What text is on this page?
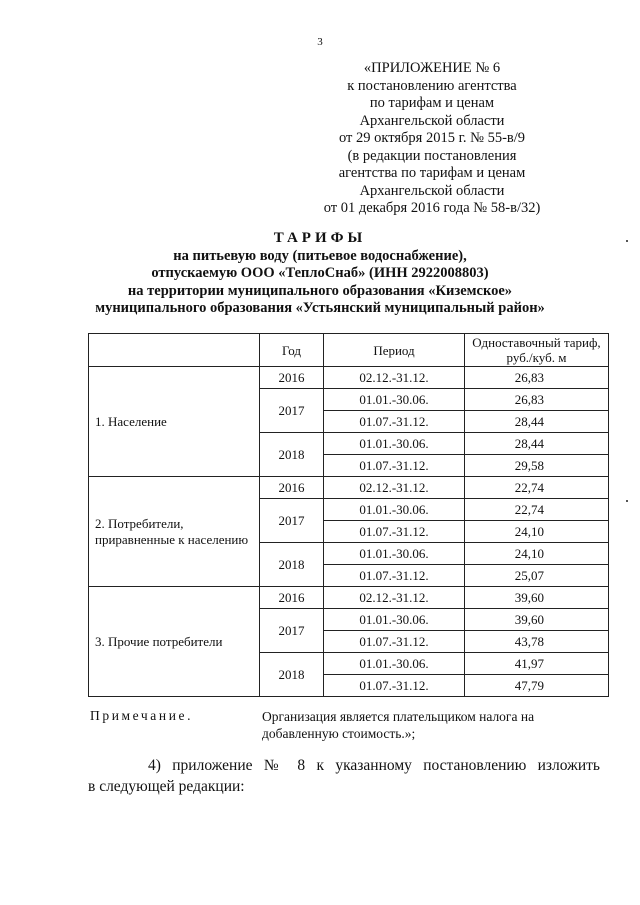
3
«ПРИЛОЖЕНИЕ № 6
к постановлению агентства
по тарифам и ценам
Архангельской области
от 29 октября 2015 г. № 55-в/9
(в редакции постановления
агентства по тарифам и ценам
Архангельской области
от 01 декабря 2016 года № 58-в/32)
ТАРИФЫ
на питьевую воду (питьевое водоснабжение),
отпускаемую ООО «ТеплоСнаб» (ИНН 2922008803)
на территории муниципального образования «Киземское»
муниципального образования «Устьянский муниципальный район»
	Год	Период	Одноставочный тариф, руб./куб. м
1. Население	2016	02.12.-31.12.	26,83
	2017	01.01.-30.06.	26,83
		01.07.-31.12.	28,44
	2018	01.01.-30.06.	28,44
		01.07.-31.12.	29,58
2. Потребители, приравненные к населению	2016	02.12.-31.12.	22,74
	2017	01.01.-30.06.	22,74
		01.07.-31.12.	24,10
	2018	01.01.-30.06.	24,10
		01.07.-31.12.	25,07
3. Прочие потребители	2016	02.12.-31.12.	39,60
	2017	01.01.-30.06.	39,60
		01.07.-31.12.	43,78
	2018	01.01.-30.06.	41,97
		01.07.-31.12.	47,79
Примечание.	Организация является плательщиком налога на добавленную стоимость.»;
4) приложение № 8 к указанному постановлению изложить
в следующей редакции:
